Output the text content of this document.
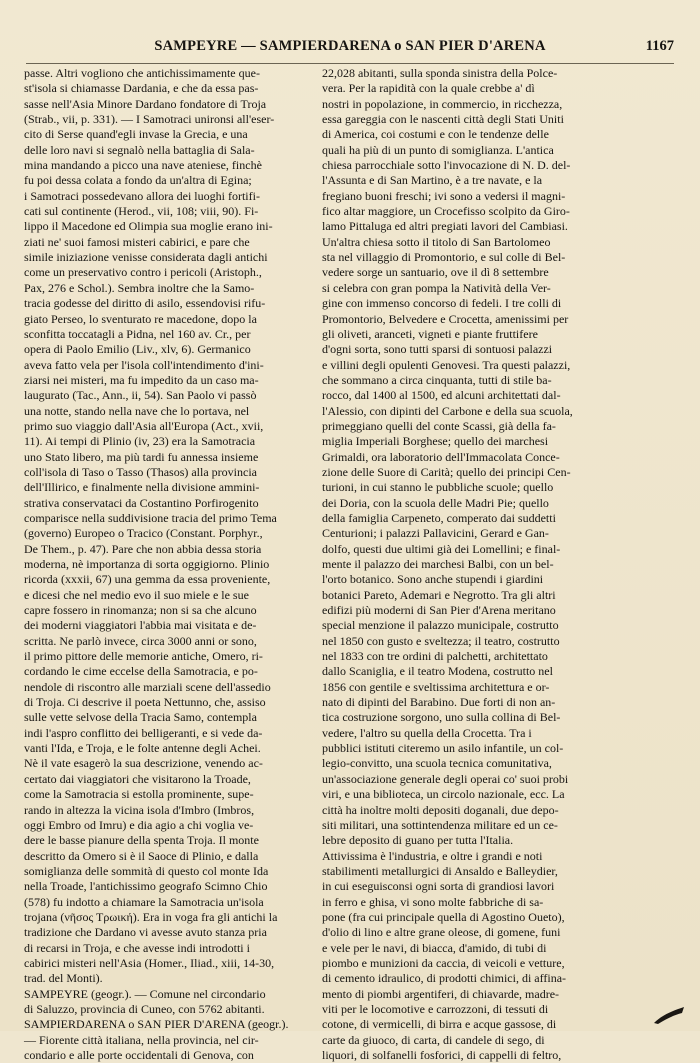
SAMPEYRE — SAMPIERDARENA o SAN PIER D'ARENA	1167
passe. Altri vogliono che antichissimamente que-
st'isola si chiamasse Dardania, e che da essa pas-
sasse nell'Asia Minore Dardano fondatore di Troja
(Strab., vii, p. 331). — I Samotraci unironsi all'eser-
cito di Serse quand'egli invase la Grecia, e una
delle loro navi si segnalò nella battaglia di Sala-
mina mandando a picco una nave ateniese, finchè
fu poi dessa colata a fondo da un'altra di Egina;
i Samotraci possedevano allora dei luoghi fortifi-
cati sul continente (Herod., vii, 108; viii, 90). Fi-
lippo il Macedone ed Olimpia sua moglie erano ini-
ziati ne' suoi famosi misteri cabirici, e pare che
simile iniziazione venisse considerata dagli antichi
come un preservativo contro i pericoli (Aristoph.,
Pax, 276 e Schol.). Sembra inoltre che la Samo-
tracia godesse del diritto di asilo, essendovisi rifu-
giato Perseo, lo sventurato re macedone, dopo la
sconfitta toccatagli a Pidna, nel 160 av. Cr., per
opera di Paolo Emilio (Liv., xlv, 6). Germanico
aveva fatto vela per l'isola coll'intendimento d'ini-
ziarsi nei misteri, ma fu impedito da un caso ma-
laugurato (Tac., Ann., ii, 54). San Paolo vi passò
una notte, stando nella nave che lo portava, nel
primo suo viaggio dall'Asia all'Europa (Act., xvii,
11). Ai tempi di Plinio (iv, 23) era la Samotracia
uno Stato libero, ma più tardi fu annessa insieme
coll'isola di Taso o Tasso (Thasos) alla provincia
dell'Illirico, e finalmente nella divisione ammini-
strativa conservataci da Costantino Porfirogenito
comparisce nella suddivisione tracia del primo Tema
(governo) Europeo o Tracico (Constant. Porphyr.,
De Them., p. 47). Pare che non abbia dessa storia
moderna, nè importanza di sorta oggigiorno. Plinio
ricorda (xxxii, 67) una gemma da essa proveniente,
e dicesi che nel medio evo il suo miele e le sue
capre fossero in rinomanza; non si sa che alcuno
dei moderni viaggiatori l'abbia mai visitata e de-
scritta. Ne parlò invece, circa 3000 anni or sono,
il primo pittore delle memorie antiche, Omero, ri-
cordando le cime eccelse della Samotracia, e po-
nendole di riscontro alle marziali scene dell'assedio
di Troja. Ci descrive il poeta Nettunno, che, assiso
sulle vette selvose della Tracia Samo, contempla
indi l'aspro conflitto dei belligeranti, e si vede da-
vanti l'Ida, e Troja, e le folte antenne degli Achei.
Nè il vate esagerò la sua descrizione, venendo ac-
certato dai viaggiatori che visitarono la Troade,
come la Samotracia si estolla prominente, supe-
rando in altezza la vicina isola d'Imbro (Imbros,
oggi Embro od Imru) e dia agio a chi voglia ve-
dere le basse pianure della spenta Troja. Il monte
descritto da Omero si è il Saoce di Plinio, e dalla
somiglianza delle sommità di questo col monte Ida
nella Troade, l'antichissimo geografo Scimno Chio
(578) fu indotto a chiamare la Samotracia un'isola
trojana (νῆσος Τρωική). Era in voga fra gli antichi la
tradizione che Dardano vi avesse avuto stanza pria
di recarsi in Troja, e che avesse indi introdotti i
cabirici misteri nell'Asia (Homer., Iliad., xiii, 14-30,
trad. del Monti).
SAMPEYRE (geogr.). — Comune nel circondario
di Saluzzo, provincia di Cuneo, con 5762 abitanti.
SAMPIERDARENA o SAN PIER D'ARENA (geogr.).
— Fiorente città italiana, nella provincia, nel cir-
condario e alle porte occidentali di Genova, con
22,028 abitanti, sulla sponda sinistra della Polce-
vera. Per la rapidità con la quale crebbe a' dì
nostri in popolazione, in commercio, in ricchezza,
essa gareggia con le nascenti città degli Stati Uniti
di America, coi costumi e con le tendenze delle
quali ha più di un punto di somiglianza. L'antica
chiesa parrocchiale sotto l'invocazione di N. D. del-
l'Assunta e di San Martino, è a tre navate, e la
fregiano buoni freschi; ivi sono a vedersi il magni-
fico altar maggiore, un Crocefisso scolpito da Giro-
lamo Pittaluga ed altri pregiati lavori del Cambiasi.
Un'altra chiesa sotto il titolo di San Bartolomeo
sta nel villaggio di Promontorio, e sul colle di Bel-
vedere sorge un santuario, ove il dì 8 settembre
si celebra con gran pompa la Natività della Ver-
gine con immenso concorso di fedeli. I tre colli di
Promontorio, Belvedere e Crocetta, amenissimi per
gli oliveti, aranceti, vigneti e piante fruttifere
d'ogni sorta, sono tutti sparsi di sontuosi palazzi
e villini degli opulenti Genovesi. Tra questi palazzi,
che sommano a circa cinquanta, tutti di stile ba-
rocco, dal 1400 al 1500, ed alcuni architettati dal-
l'Alessio, con dipinti del Carbone e della sua scuola,
primeggiano quelli del conte Scassi, già della fa-
miglia Imperiali Borghese; quello dei marchesi
Grimaldi, ora laboratorio dell'Immacolata Conce-
zione delle Suore di Carità; quello dei principi Cen-
turioni, in cui stanno le pubbliche scuole; quello
dei Doria, con la scuola delle Madri Pie; quello
della famiglia Carpeneto, comperato dai suddetti
Centurioni; i palazzi Pallavicini, Gerard e Gan-
dolfo, questi due ultimi già dei Lomellini; e final-
mente il palazzo dei marchesi Balbi, con un bel-
l'orto botanico. Sono anche stupendi i giardini
botanici Pareto, Ademari e Negrotto. Tra gli altri
edifizi più moderni di San Pier d'Arena meritano
special menzione il palazzo municipale, costrutto
nel 1850 con gusto e sveltezza; il teatro, costrutto
nel 1833 con tre ordini di palchetti, architettato
dallo Scaniglia, e il teatro Modena, costrutto nel
1856 con gentile e sveltissima architettura e or-
nato di dipinti del Barabino. Due forti di non an-
tica costruzione sorgono, uno sulla collina di Bel-
vedere, l'altro su quella della Crocetta. Tra i
pubblici istituti citeremo un asilo infantile, un col-
legio-convitto, una scuola tecnica comunitativa,
un'associazione generale degli operai co' suoi probi
viri, e una biblioteca, un circolo nazionale, ecc. La
città ha inoltre molti depositi doganali, due depo-
siti militari, una sottintendenza militare ed un ce-
lebre deposito di guano per tutta l'Italia.
Attivissima è l'industria, e oltre i grandi e noti
stabilimenti metallurgici di Ansaldo e Balleydier,
in cui eseguisconsi ogni sorta di grandiosi lavori
in ferro e ghisa, vi sono molte fabbriche di sa-
pone (fra cui principale quella di Agostino Oueto),
d'olio di lino e altre grane oleose, di gomene, funi
e vele per le navi, di biacca, d'amido, di tubi di
piombo e munizioni da caccia, di veicoli e vetture,
di cemento idraulico, di prodotti chimici, di affina-
mento di piombi argentiferi, di chiavarde, madre-
viti per le locomotive e carrozzoni, di tessuti di
cotone, di vermicelli, di birra e acque gassose, di
carte da giuoco, di carta, di candele di sego, di
liquori, di solfanelli fosforici, di cappelli di feltro,
